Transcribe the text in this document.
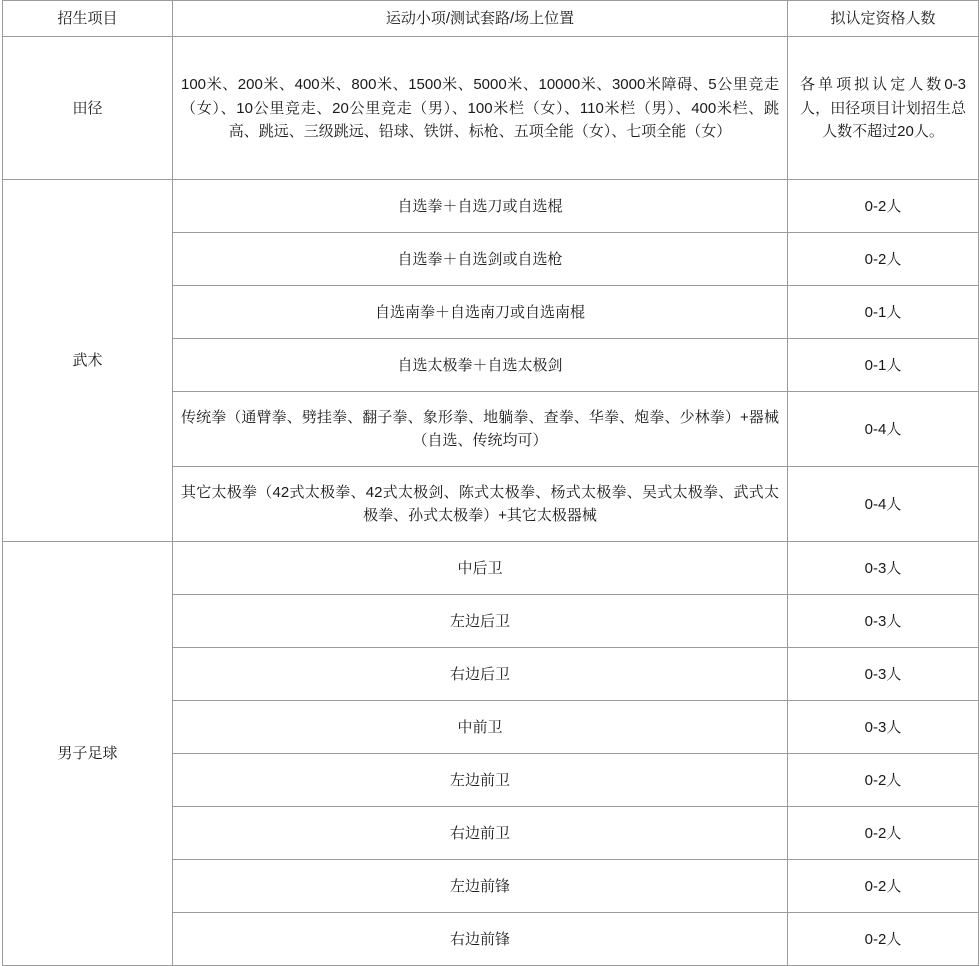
招生项目	运动小项/测试套路/场上位置	拟认定资格人数
田径	100米、200米、400米、800米、1500米、5000米、10000米、3000米障碍、5公里竞走（女）、10公里竞走、20公里竞走（男）、100米栏（女）、110米栏（男）、400米栏、跳高、跳远、三级跳远、铅球、铁饼、标枪、五项全能（女）、七项全能（女）	各单项拟认定人数0-3人，田径项目计划招生总人数不超过20人。
武术	自选拳＋自选刀或自选棍	0-2人
	自选拳＋自选剑或自选枪	0-2人
	自选南拳＋自选南刀或自选南棍	0-1人
	自选太极拳＋自选太极剑	0-1人
	传统拳（通臂拳、劈挂拳、翻子拳、象形拳、地躺拳、查拳、华拳、炮拳、少林拳）+器械（自选、传统均可）	0-4人
	其它太极拳（42式太极拳、42式太极剑、陈式太极拳、杨式太极拳、吴式太极拳、武式太极拳、孙式太极拳）+其它太极器械	0-4人
男子足球	中后卫	0-3人
	左边后卫	0-3人
	右边后卫	0-3人
	中前卫	0-3人
	左边前卫	0-2人
	右边前卫	0-2人
	左边前锋	0-2人
	右边前锋	0-2人
